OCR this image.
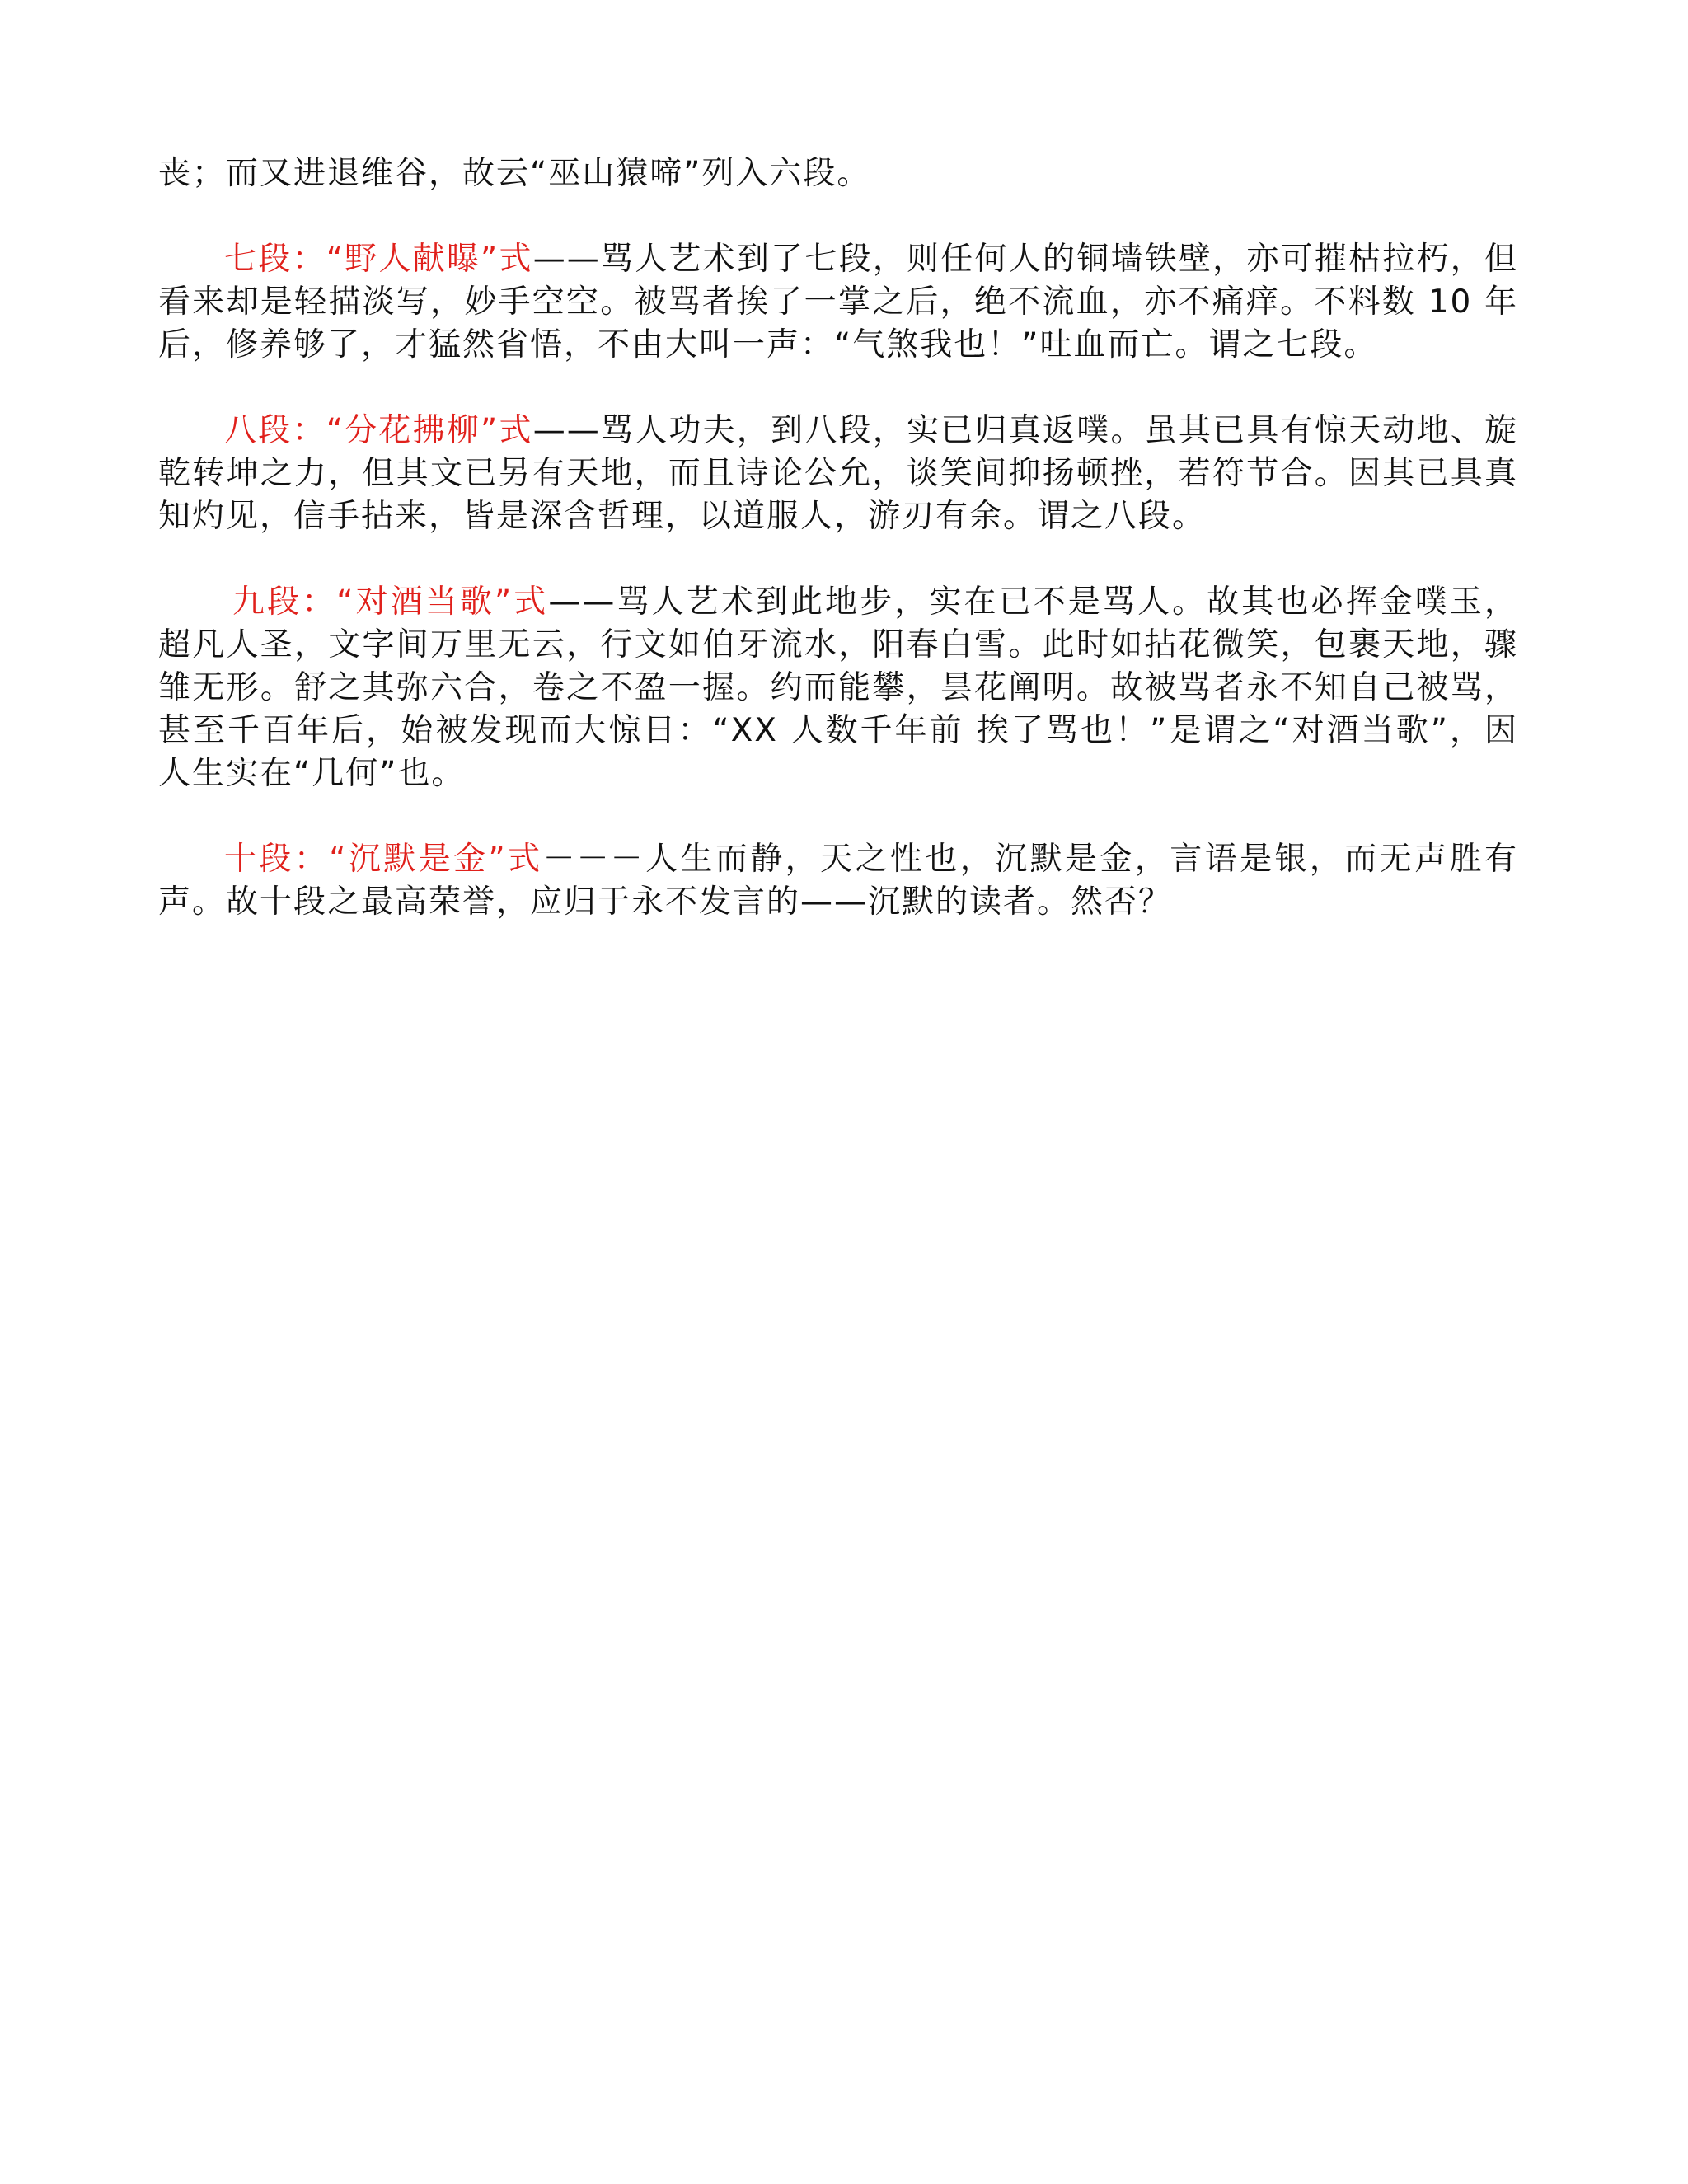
丧；而又进退维谷，故云“巫山猿啼”列入六段。

七段：“野人献曝”式——骂人艺术到了七段，则任何人的铜墙铁壁，亦可摧枯拉朽，但看来却是轻描淡写，妙手空空。被骂者挨了一掌之后，绝不流血，亦不痛痒。不料数 10 年后，修养够了，才猛然省悟，不由大叫一声：“气煞我也！”吐血而亡。谓之七段。

八段：“分花拂柳”式——骂人功夫，到八段，实已归真返噗。虽其已具有惊天动地、旋乾转坤之力，但其文已另有天地，而且诗论公允，谈笑间抑扬顿挫，若符节合。因其已具真知灼见，信手拈来，皆是深含哲理，以道服人，游刃有余。谓之八段。

九段：“对酒当歌”式——骂人艺术到此地步，实在已不是骂人。故其也必挥金噗玉，超凡人圣，文字间万里无云，行文如伯牙流水，阳春白雪。此时如拈花微笑，包裹天地，骤雏无形。舒之其弥六合，卷之不盈一握。约而能攀，昙花阐明。故被骂者永不知自己被骂，甚至千百年后，始被发现而大惊日：“XX 人数千年前 挨了骂也！”是谓之“对酒当歌”，因人生实在“几何”也。

十段：“沉默是金”式－－－人生而静，天之性也，沉默是金，言语是银，而无声胜有声。故十段之最高荣誉，应归于永不发言的——沉默的读者。然否？
